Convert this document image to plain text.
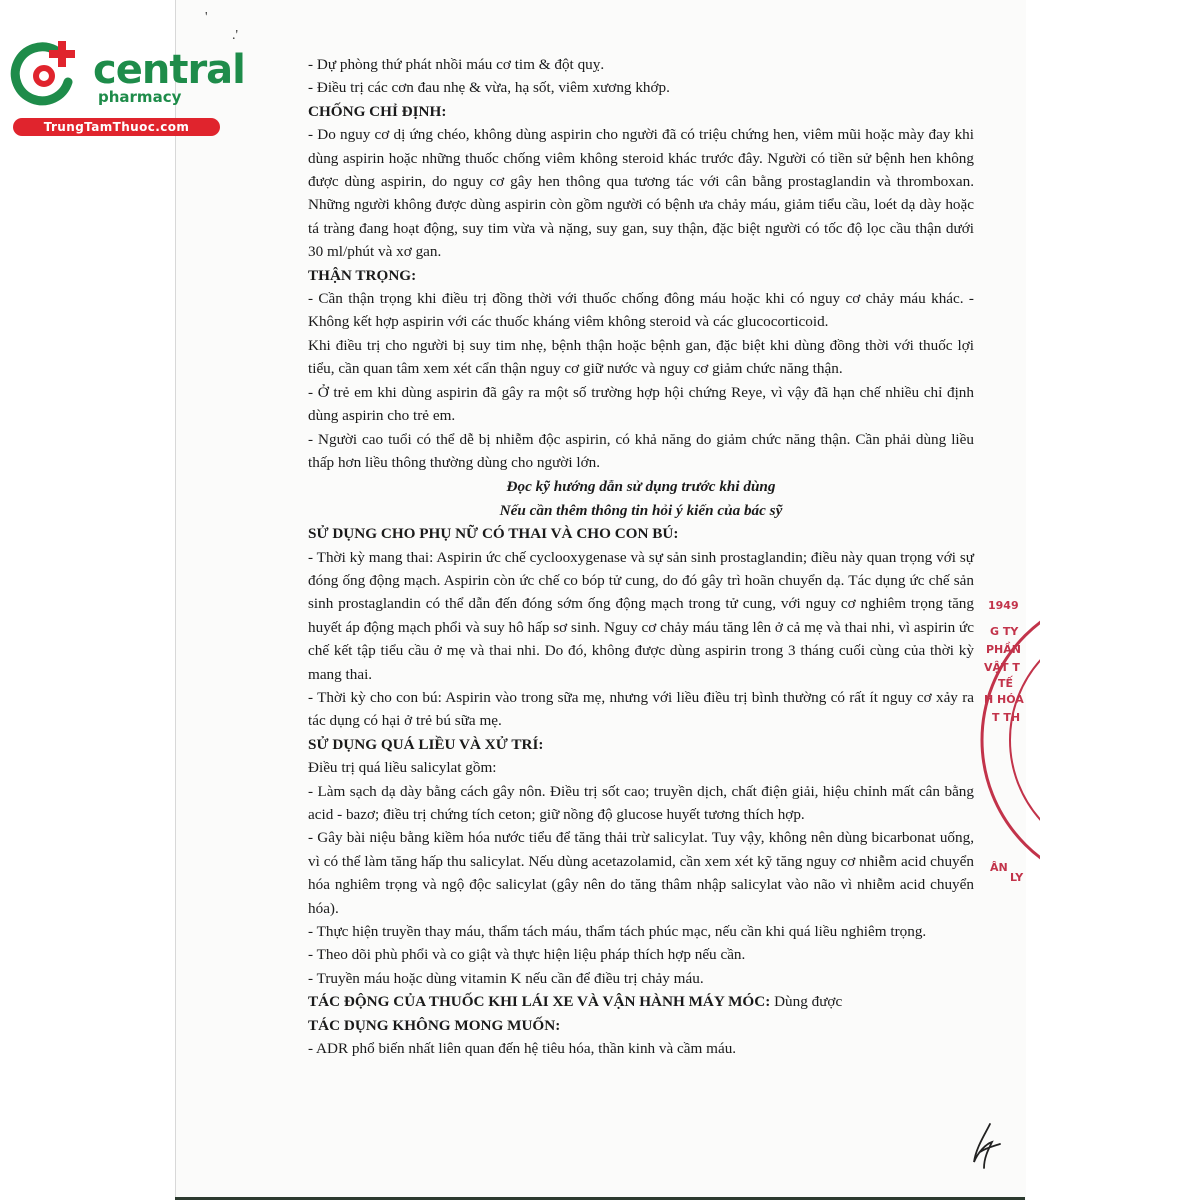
'
.'
central
pharmacy
TrungTamThuoc.com

- Dự phòng thứ phát nhồi máu cơ tim & đột quỵ.

- Điều trị các cơn đau nhẹ & vừa, hạ sốt, viêm xương khớp.

CHỐNG CHỈ ĐỊNH:

- Do nguy cơ dị ứng chéo, không dùng aspirin cho người đã có triệu chứng hen, viêm mũi hoặc mày đay khi dùng aspirin hoặc những thuốc chống viêm không steroid khác trước đây. Người có tiền sử bệnh hen không được dùng aspirin, do nguy cơ gây hen thông qua tương tác với cân bằng prostaglandin và thromboxan. Những người không được dùng aspirin còn gồm người có bệnh ưa chảy máu, giảm tiểu cầu, loét dạ dày hoặc tá tràng đang hoạt động, suy tim vừa và nặng, suy gan, suy thận, đặc biệt người có tốc độ lọc cầu thận dưới 30 ml/phút và xơ gan.

THẬN TRỌNG:

- Cần thận trọng khi điều trị đồng thời với thuốc chống đông máu hoặc khi có nguy cơ chảy máu khác. - Không kết hợp aspirin với các thuốc kháng viêm không steroid và các glucocorticoid.

Khi điều trị cho người bị suy tim nhẹ, bệnh thận hoặc bệnh gan, đặc biệt khi dùng đồng thời với thuốc lợi tiểu, cần quan tâm xem xét cẩn thận nguy cơ giữ nước và nguy cơ giảm chức năng thận.

- Ở trẻ em khi dùng aspirin đã gây ra một số trường hợp hội chứng Reye, vì vậy đã hạn chế nhiều chỉ định dùng aspirin cho trẻ em.

- Người cao tuổi có thể dễ bị nhiễm độc aspirin, có khả năng do giảm chức năng thận. Cần phải dùng liều thấp hơn liều thông thường dùng cho người lớn.

Đọc kỹ hướng dẫn sử dụng trước khi dùng

Nếu cần thêm thông tin hỏi ý kiến của bác sỹ

SỬ DỤNG CHO PHỤ NỮ CÓ THAI VÀ CHO CON BÚ:

- Thời kỳ mang thai: Aspirin ức chế cyclooxygenase và sự sản sinh prostaglandin; điều này quan trọng với sự đóng ống động mạch. Aspirin còn ức chế co bóp tử cung, do đó gây trì hoãn chuyển dạ. Tác dụng ức chế sản sinh prostaglandin có thể dẫn đến đóng sớm ống động mạch trong tử cung, với nguy cơ nghiêm trọng tăng huyết áp động mạch phổi và suy hô hấp sơ sinh. Nguy cơ chảy máu tăng lên ở cả mẹ và thai nhi, vì aspirin ức chế kết tập tiểu cầu ở mẹ và thai nhi. Do đó, không được dùng aspirin trong 3 tháng cuối cùng của thời kỳ mang thai.

- Thời kỳ cho con bú: Aspirin vào trong sữa mẹ, nhưng với liều điều trị bình thường có rất ít nguy cơ xảy ra tác dụng có hại ở trẻ bú sữa mẹ.

SỬ DỤNG QUÁ LIỀU VÀ XỬ TRÍ:

Điều trị quá liều salicylat gồm:

- Làm sạch dạ dày bằng cách gây nôn. Điều trị sốt cao; truyền dịch, chất điện giải, hiệu chỉnh mất cân bằng acid - bazơ; điều trị chứng tích ceton; giữ nồng độ glucose huyết tương thích hợp.

- Gây bài niệu bằng kiềm hóa nước tiểu để tăng thải trừ salicylat. Tuy vậy, không nên dùng bicarbonat uống, vì có thể làm tăng hấp thu salicylat. Nếu dùng acetazolamid, cần xem xét kỹ tăng nguy cơ nhiễm acid chuyển hóa nghiêm trọng và ngộ độc salicylat (gây nên do tăng thâm nhập salicylat vào não vì nhiễm acid chuyển hóa).

- Thực hiện truyền thay máu, thẩm tách máu, thẩm tách phúc mạc, nếu cần khi quá liều nghiêm trọng.

- Theo dõi phù phổi và co giật và thực hiện liệu pháp thích hợp nếu cần.

- Truyền máu hoặc dùng vitamin K nếu cần để điều trị chảy máu.

TÁC ĐỘNG CỦA THUỐC KHI LÁI XE VÀ VẬN HÀNH MÁY MÓC: Dùng được

TÁC DỤNG KHÔNG MONG MUỐN:

- ADR phổ biến nhất liên quan đến hệ tiêu hóa, thần kinh và cầm máu.

1949
G TY
PHẦN
VẬT T
TẾ
H HÓA
T TH
ÂN
LY
